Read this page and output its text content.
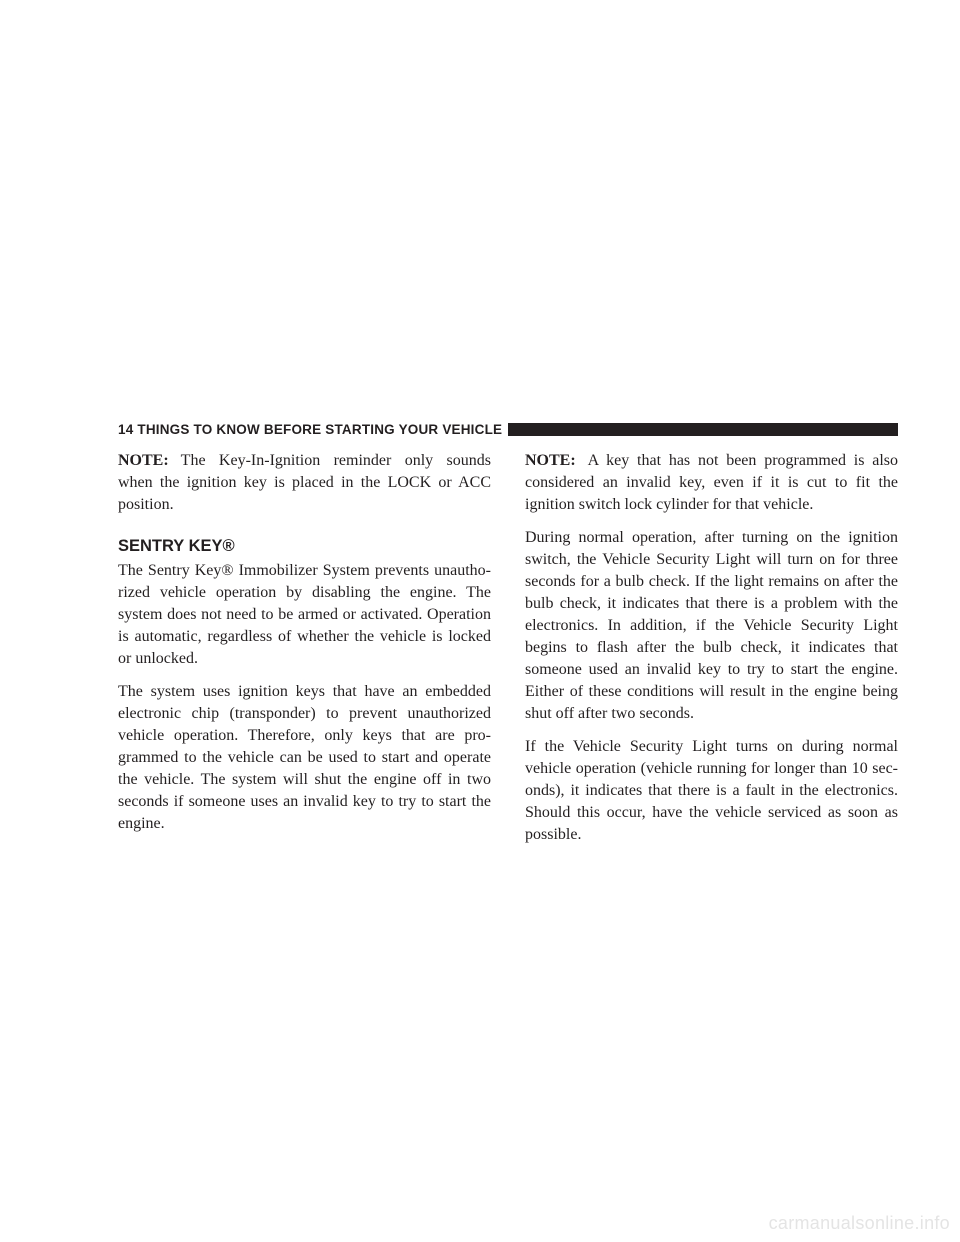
14 THINGS TO KNOW BEFORE STARTING YOUR VEHICLE

NOTE: The Key-In-Ignition reminder only sounds when the ignition key is placed in the LOCK or ACC position.

SENTRY KEY®

The Sentry Key® Immobilizer System prevents unautho-rized vehicle operation by disabling the engine. The system does not need to be armed or activated. Operation is automatic, regardless of whether the vehicle is locked or unlocked.

The system uses ignition keys that have an embedded electronic chip (transponder) to prevent unauthorized vehicle operation. Therefore, only keys that are pro-grammed to the vehicle can be used to start and operate the vehicle. The system will shut the engine off in two seconds if someone uses an invalid key to try to start the engine.

NOTE: A key that has not been programmed is also considered an invalid key, even if it is cut to fit the ignition switch lock cylinder for that vehicle.

During normal operation, after turning on the ignition switch, the Vehicle Security Light will turn on for three seconds for a bulb check. If the light remains on after the bulb check, it indicates that there is a problem with the electronics. In addition, if the Vehicle Security Light begins to flash after the bulb check, it indicates that someone used an invalid key to try to start the engine. Either of these conditions will result in the engine being shut off after two seconds.

If the Vehicle Security Light turns on during normal vehicle operation (vehicle running for longer than 10 sec-onds), it indicates that there is a fault in the electronics. Should this occur, have the vehicle serviced as soon as possible.

carmanualsonline.info
